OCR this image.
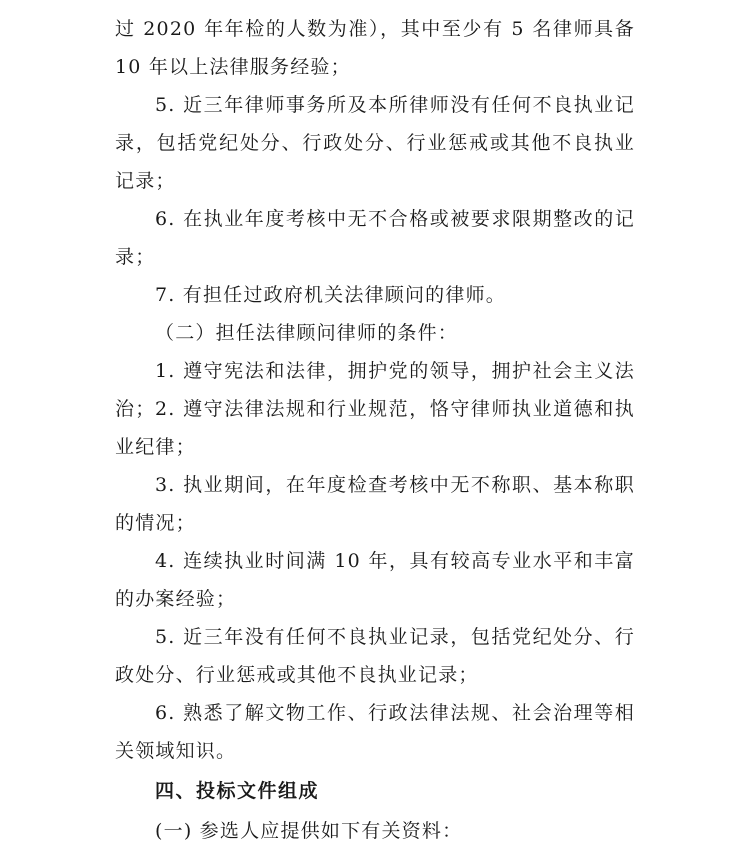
过 2020 年年检的人数为准），其中至少有 5 名律师具备 10 年以上法律服务经验；

5. 近三年律师事务所及本所律师没有任何不良执业记录，包括党纪处分、行政处分、行业惩戒或其他不良执业记录；

6. 在执业年度考核中无不合格或被要求限期整改的记录；

7. 有担任过政府机关法律顾问的律师。

（二）担任法律顾问律师的条件：

1. 遵守宪法和法律，拥护党的领导，拥护社会主义法治； 2. 遵守法律法规和行业规范，恪守律师执业道德和执业纪律；

3. 执业期间，在年度检查考核中无不称职、基本称职的情况；

4. 连续执业时间满 10 年，具有较高专业水平和丰富的办案经验；

5. 近三年没有任何不良执业记录，包括党纪处分、行政处分、行业惩戒或其他不良执业记录；

6. 熟悉了解文物工作、行政法律法规、社会治理等相关领域知识。

四、投标文件组成

(一) 参选人应提供如下有关资料：
